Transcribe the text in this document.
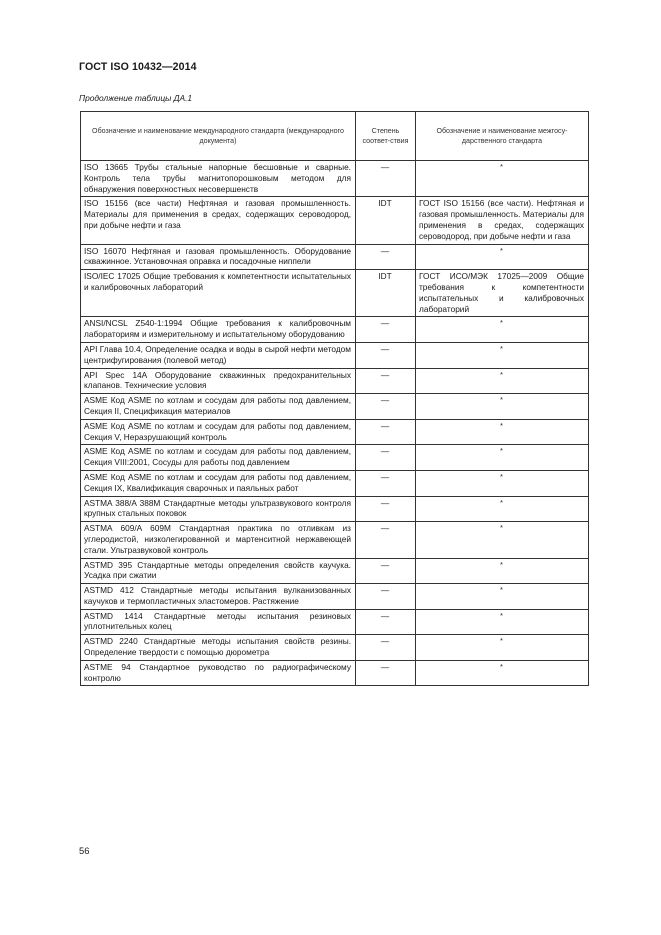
ГОСТ ISO 10432—2014
Продолжение таблицы ДА.1
Обозначение и наименование международного стандарта (международного документа)	Степень соответ-ствия	Обозначение и наименование межгосу-дарственного стандарта
ISO 13665 Трубы стальные напорные бесшовные и сварные. Контроль тела трубы магнитопорошковым методом для обнаружения поверхностных несовершенств	—	*
ISO 15156 (все части) Нефтяная и газовая промышленность. Материалы для применения в средах, содержащих сероводород, при добыче нефти и газа	IDT	ГОСТ ISO 15156 (все части). Нефтяная и газовая промышленность. Материалы для применения в средах, содержащих сероводород, при добыче нефти и газа
ISO 16070 Нефтяная и газовая промышленность. Оборудование скважинное. Установочная оправка и посадочные ниппели	—	*
ISO/IEC 17025 Общие требования к компетентности испытательных и калибровочных лабораторий	IDT	ГОСТ ИСО/МЭК 17025—2009 Общие требования к компетентности испытательных и калибровочных лабораторий
ANSI/NCSL Z540-1:1994 Общие требования к калибровочным лабораториям и измерительному и испытательному оборудованию	—	*
API Глава 10.4, Определение осадка и воды в сырой нефти методом центрифугирования (полевой метод)	—	*
API Spec 14A Оборудование скважинных предохранительных клапанов. Технические условия	—	*
ASME Код ASME по котлам и сосудам для работы под давлением, Секция II, Спецификация материалов	—	*
ASME Код ASME по котлам и сосудам для работы под давлением, Секция V, Неразрушающий контроль	—	*
ASME Код ASME по котлам и сосудам для работы под давлением, Секция VIII:2001, Сосуды для работы под давлением	—	*
ASME Код ASME по котлам и сосудам для работы под давлением, Секция IX, Квалификация сварочных и паяльных работ	—	*
ASTMA 388/A 388M Стандартные методы ультразвукового контроля крупных стальных поковок	—	*
ASTMA 609/A 609M Стандартная практика по отливкам из углеродистой, низколегированной и мартенситной нержавеющей стали. Ультразвуковой контроль	—	*
ASTMD 395 Стандартные методы определения свойств каучука. Усадка при сжатии	—	*
ASTMD 412 Стандартные методы испытания вулканизованных каучуков и термопластичных эластомеров. Растяжение	—	*
ASTMD 1414 Стандартные методы испытания резиновых уплотнительных колец	—	*
ASTMD 2240 Стандартные методы испытания свойств резины. Определение твердости с помощью дюрометра	—	*
ASTME 94 Стандартное руководство по радиографическому контролю	—	*
56
